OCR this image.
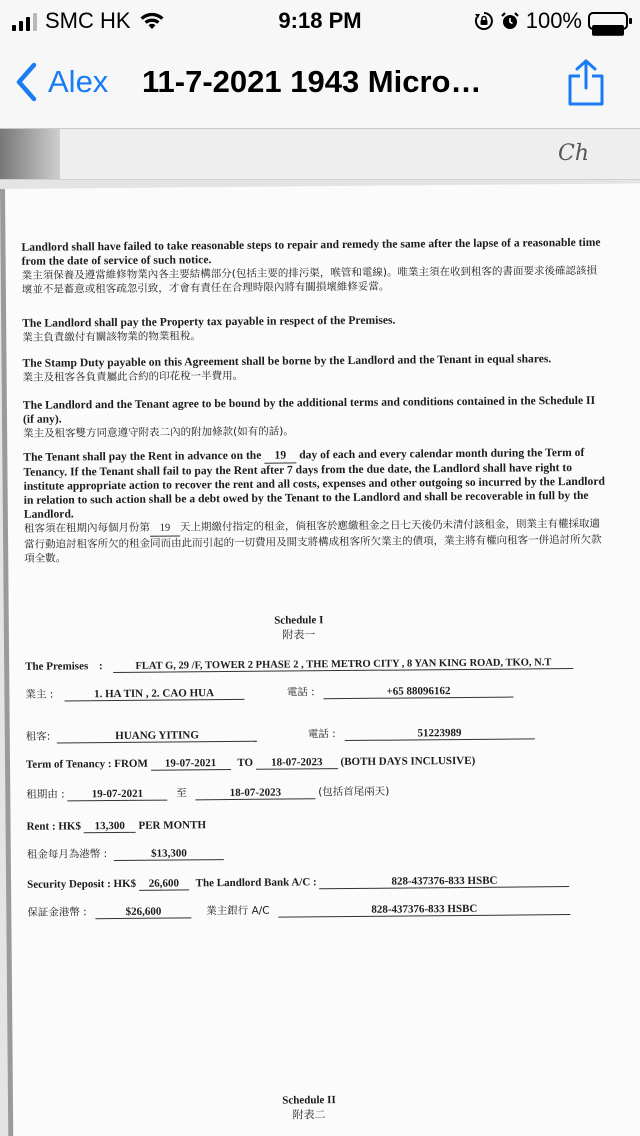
SMC HK	9:18 PM	100%
Alex 11-7-2021 1943 Micro…
Ch
Landlord shall have failed to take reasonable steps to repair and remedy the same after the lapse of a reasonable time from the date of service of such notice.
業主須保養及遵當維修物業內各主要結構部分(包括主要的排污渠，喉管和電線)。唯業主須在收到租客的書面要求後確認該損壞並不是蓄意或租客疏忽引致，才會有責任在合理時限內將有關損壞維修妥當。
The Landlord shall pay the Property tax payable in respect of the Premises.
業主負責繳付有關該物業的物業租稅。
The Stamp Duty payable on this Agreement shall be borne by the Landlord and the Tenant in equal shares.
業主及租客各負責屬此合約的印花稅一半費用。
The Landlord and the Tenant agree to be bound by the additional terms and conditions contained in the Schedule II (if any).
業主及租客雙方同意遵守附表二內的附加條款(如有的話)。
The Tenant shall pay the Rent in advance on the 19 day of each and every calendar month during the Term of Tenancy. If the Tenant shall fail to pay the Rent after 7 days from the due date, the Landlord shall have right to institute appropriate action to recover the rent and all costs, expenses and other outgoing so incurred by the Landlord in relation to such action shall be a debt owed by the Tenant to the Landlord and shall be recoverable in full by the Landlord.
租客須在租期內每個月份第 19 天上期繳付指定的租金，倘租客於應繳租金之日七天後仍未清付該租金，則業主有權採取適當行動追討租客所欠的租金同而由此而引起的一切費用及開支將構成租客所欠業主的債項，業主將有權向租客一併追討所欠款項全數。
Schedule I
附表一
The Premises :	FLAT G, 29 /F, TOWER 2 PHASE 2 , THE METRO CITY , 8 YAN KING ROAD, TKO, N.T
業主 :	1. HA TIN , 2. CAO HUA	電話 :	+65 88096162
租客:	HUANG YITING	電話 :	51223989
Term of Tenancy : FROM 19-07-2021 TO 18-07-2023 (BOTH DAYS INCLUSIVE)
租期由 : 19-07-2021	至	18-07-2023	(包括首尾兩天)
Rent : HK$ 13,300 PER MONTH
租金每月為港幣 :	$13,300
Security Deposit : HK$ 26,600 The Landlord Bank A/C :	828-437376-833 HSBC
保証金港幣 :	$26,600	業主銀行 A/C	828-437376-833 HSBC
Schedule II
附表二
